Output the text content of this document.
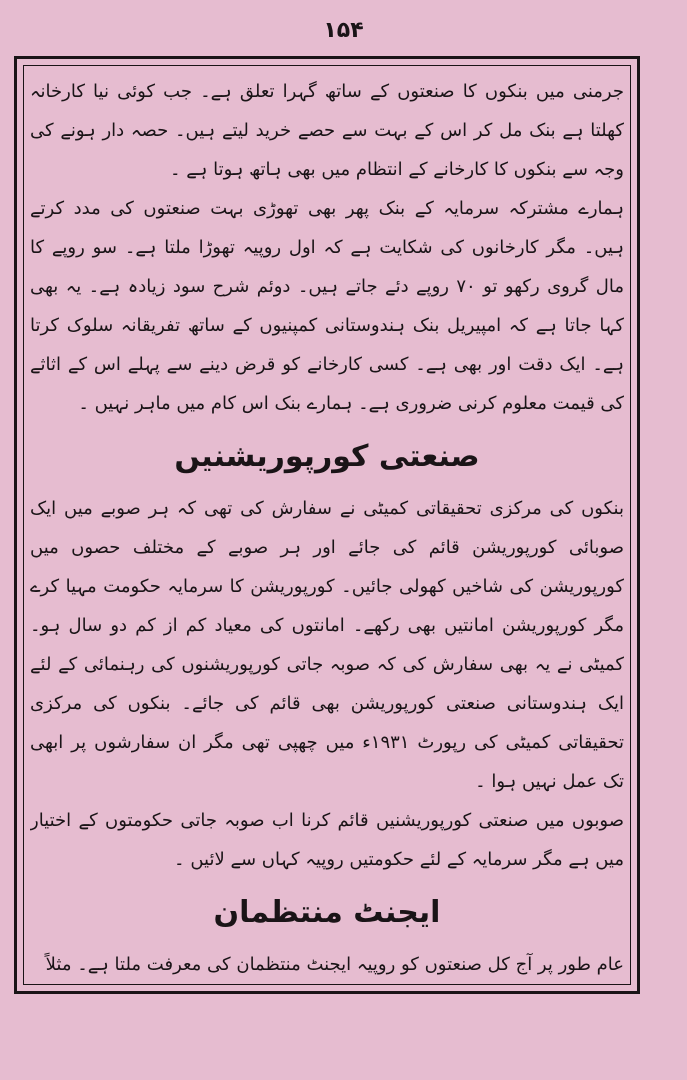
۱۵۴

جرمنی میں بنکوں کا صنعتوں کے ساتھ گہرا تعلق ہے۔ جب کوئی نیا کارخانہ کھلتا ہے بنک مل کر اس کے بہت سے حصے خرید لیتے ہیں۔ حصہ دار ہونے کی وجہ سے بنکوں کا کارخانے کے انتظام میں بھی ہاتھ ہوتا ہے ۔

ہمارے مشترکہ سرمایہ کے بنک پھر بھی تھوڑی بہت صنعتوں کی مدد کرتے ہیں۔ مگر کارخانوں کی شکایت ہے کہ اول روپیہ تھوڑا ملتا ہے۔ سو روپے کا مال گروی رکھو تو ۷۰ روپے دئے جاتے ہیں۔ دوئم شرح سود زیادہ ہے۔ یہ بھی کہا جاتا ہے کہ امپیریل بنک ہندوستانی کمپنیوں کے ساتھ تفریقانہ سلوک کرتا ہے۔ ایک دقت اور بھی ہے۔ کسی کارخانے کو قرض دینے سے پہلے اس کے اثاثے کی قیمت معلوم کرنی ضروری ہے۔ ہمارے بنک اس کام میں ماہر نہیں ۔

صنعتی کورپوریشنیں

بنکوں کی مرکزی تحقیقاتی کمیٹی نے سفارش کی تھی کہ ہر صوبے میں ایک صوبائی کورپوریشن قائم کی جائے اور ہر صوبے کے مختلف حصوں میں کورپوریشن کی شاخیں کھولی جائیں۔ کورپوریشن کا سرمایہ حکومت مہیا کرے مگر کورپوریشن امانتیں بھی رکھے۔ امانتوں کی معیاد کم از کم دو سال ہو۔ کمیٹی نے یہ بھی سفارش کی کہ صوبہ جاتی کورپوریشنوں کی رہنمائی کے لئے ایک ہندوستانی صنعتی کورپوریشن بھی قائم کی جائے۔ بنکوں کی مرکزی تحقیقاتی کمیٹی کی رپورٹ ۱۹۳۱ء میں چھپی تھی مگر ان سفارشوں پر ابھی تک عمل نہیں ہوا ۔

صوبوں میں صنعتی کورپوریشنیں قائم کرنا اب صوبہ جاتی حکومتوں کے اختیار میں ہے مگر سرمایہ کے لئے حکومتیں روپیہ کہاں سے لائیں ۔

ایجنٹ منتظمان

عام طور پر آج کل صنعتوں کو روپیہ ایجنٹ منتظمان کی معرفت ملتا ہے۔ مثلاً
